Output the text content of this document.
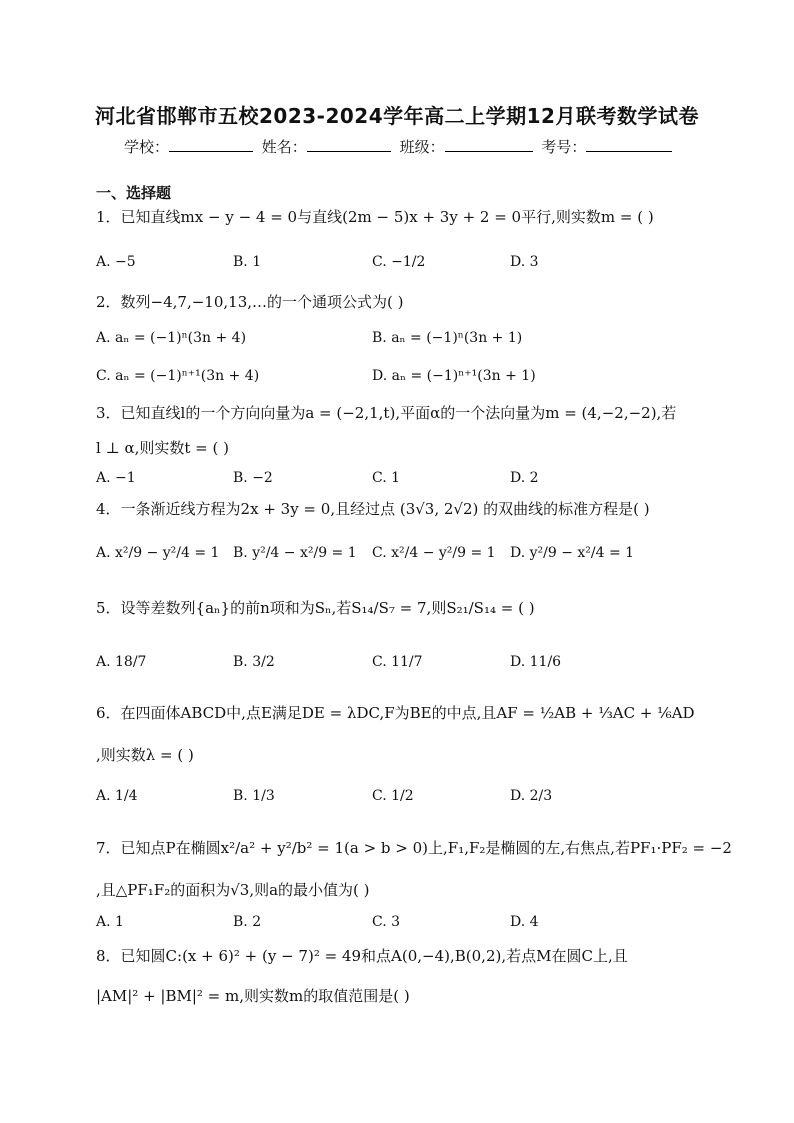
河北省邯郸市五校2023-2024学年高二上学期12月联考数学试卷
学校：	姓名：	班级：	考号：
一、选择题
1．已知直线mx − y − 4 = 0与直线(2m − 5)x + 3y + 2 = 0平行,则实数m = ( )
A. −5	B. 1	C. −1/2	D. 3
2．数列−4,7,−10,13,…的一个通项公式为( )
A. aₙ = (−1)ⁿ(3n + 4)	B. aₙ = (−1)ⁿ(3n + 1)
C. aₙ = (−1)ⁿ⁺¹(3n + 4)	D. aₙ = (−1)ⁿ⁺¹(3n + 1)
3．已知直线l的一个方向向量为a = (−2,1,t),平面α的一个法向量为m = (4,−2,−2),若
l ⊥ α,则实数t = ( )
A. −1	B. −2	C. 1	D. 2
4．一条渐近线方程为2x + 3y = 0,且经过点 (3√3, 2√2) 的双曲线的标准方程是( )
A. x²/9 − y²/4 = 1 B. y²/4 − x²/9 = 1 C. x²/4 − y²/9 = 1 D. y²/9 − x²/4 = 1
5．设等差数列{aₙ}的前n项和为Sₙ,若S₁₄/S₇ = 7,则S₂₁/S₁₄ = ( )
A. 18/7	B. 3/2	C. 11/7	D. 11/6
6．在四面体ABCD中,点E满足DE = λDC,F为BE的中点,且AF = ½AB + ⅓AC + ⅙AD
,则实数λ = ( )
A. 1/4	B. 1/3	C. 1/2	D. 2/3
7．已知点P在椭圆x²/a² + y²/b² = 1(a > b > 0)上,F₁,F₂是椭圆的左,右焦点,若PF₁·PF₂ = −2
,且△PF₁F₂的面积为√3,则a的最小值为( )
A. 1	B. 2	C. 3	D. 4
8．已知圆C:(x + 6)² + (y − 7)² = 49和点A(0,−4),B(0,2),若点M在圆C上,且
|AM|² + |BM|² = m,则实数m的取值范围是( )
